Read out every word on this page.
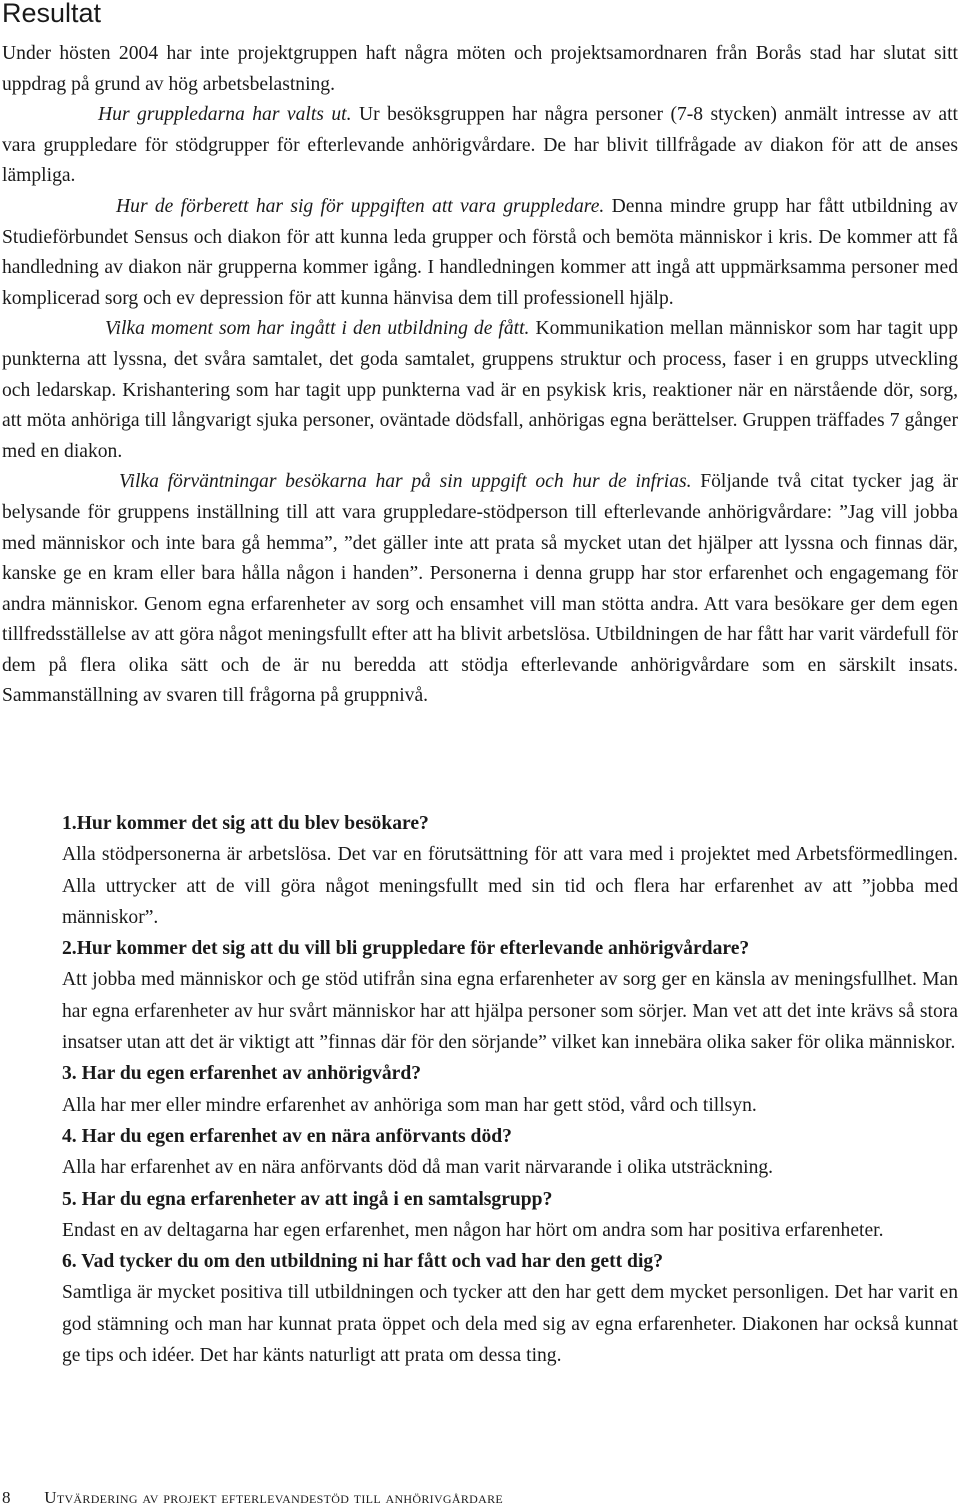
Resultat

Under hösten 2004 har inte projektgruppen haft några möten och projektsamordnaren från Borås stad har slutat sitt uppdrag på grund av hög arbetsbelastning.

Hur gruppledarna har valts ut. Ur besöksgruppen har några personer (7-8 stycken) anmält intresse av att vara gruppledare för stödgrupper för efterlevande anhörigvårdare. De har blivit tillfrågade av diakon för att de anses lämpliga.

Hur de förberett har sig för uppgiften att vara gruppledare. Denna mindre grupp har fått utbildning av Studieförbundet Sensus och diakon för att kunna leda grupper och förstå och bemöta människor i kris. De kommer att få handledning av diakon när grupperna kommer igång. I handledningen kommer att ingå att uppmärksamma personer med komplicerad sorg och ev depression för att kunna hänvisa dem till professionell hjälp.

Vilka moment som har ingått i den utbildning de fått. Kommunikation mellan människor som har tagit upp punkterna att lyssna, det svåra samtalet, det goda samtalet, gruppens struktur och process, faser i en grupps utveckling och ledarskap. Krishantering som har tagit upp punkterna vad är en psykisk kris, reaktioner när en närstående dör, sorg, att möta anhöriga till långvarigt sjuka personer, oväntade dödsfall, anhörigas egna berättelser. Gruppen träffades 7 gånger med en diakon.

Vilka förväntningar besökarna har på sin uppgift och hur de infrias. Följande två citat tycker jag är belysande för gruppens inställning till att vara gruppledare-stödperson till efterlevande anhörigvårdare: ”Jag vill jobba med människor och inte bara gå hemma”, ”det gäller inte att prata så mycket utan det hjälper att lyssna och finnas där, kanske ge en kram eller bara hålla någon i handen”. Personerna i denna grupp har stor erfarenhet och engagemang för andra människor. Genom egna erfarenheter av sorg och ensamhet vill man stötta andra. Att vara besökare ger dem egen tillfredsställelse av att göra något meningsfullt efter att ha blivit arbetslösa. Utbildningen de har fått har varit värdefull för dem på flera olika sätt och de är nu beredda att stödja efterlevande anhörigvårdare som en särskilt insats. Sammanställning av svaren till frågorna på gruppnivå.

1.Hur kommer det sig att du blev besökare?
Alla stödpersonerna är arbetslösa. Det var en förutsättning för att vara med i projektet med Arbetsförmedlingen. Alla uttrycker att de vill göra något meningsfullt med sin tid och flera har erfarenhet av att ”jobba med människor”.
2.Hur kommer det sig att du vill bli gruppledare för efterlevande anhörigvårdare?
Att jobba med människor och ge stöd utifrån sina egna erfarenheter av sorg ger en känsla av meningsfullhet. Man har egna erfarenheter av hur svårt människor har att hjälpa personer som sörjer. Man vet att det inte krävs så stora insatser utan att det är viktigt att ”finnas där för den sörjande” vilket kan innebära olika saker för olika människor.
3. Har du egen erfarenhet av anhörigvård?
Alla har mer eller mindre erfarenhet av anhöriga som man har gett stöd, vård och tillsyn.
4. Har du egen erfarenhet av en nära anförvants död?
Alla har erfarenhet av en nära anförvants död då man varit närvarande i olika utsträckning.
5. Har du egna erfarenheter av att ingå i en samtalsgrupp?
Endast en av deltagarna har egen erfarenhet, men någon har hört om andra som har positiva erfarenheter.
6. Vad tycker du om den utbildning ni har fått och vad har den gett dig?
Samtliga är mycket positiva till utbildningen och tycker att den har gett dem mycket personligen. Det har varit en god stämning och man har kunnat prata öppet och dela med sig av egna erfarenheter. Diakonen har också kunnat ge tips och idéer. Det har känts naturligt att prata om dessa ting.
8 Utvärdering av projekt efterlevandestöd till anhörivgårdare
